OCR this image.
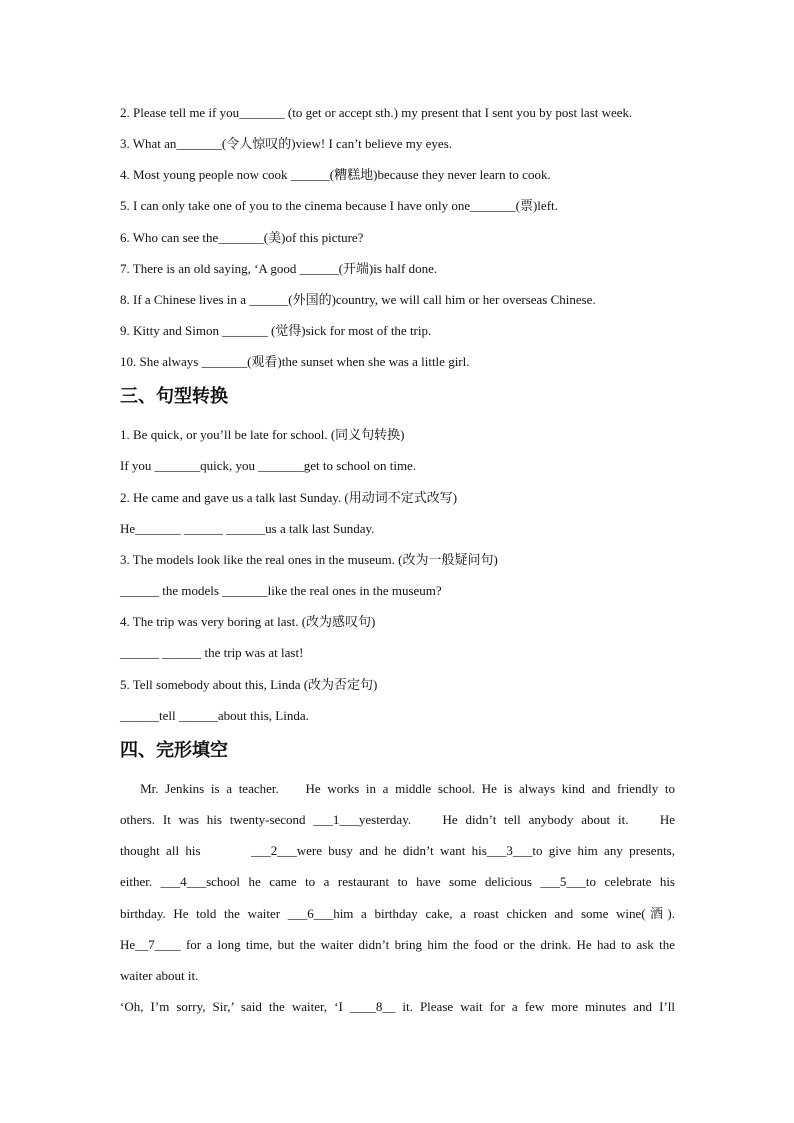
2. Please tell me if you_______ (to get or accept sth.) my present that I sent you by post last week.
3. What an_______(令人惊叹的)view! I can’t believe my eyes.
4. Most young people now cook ______(糟糕地)because they never learn to cook.
5. I can only take one of you to the cinema because I have only one_______(票)left.
6. Who can see the_______(美)of this picture?
7. There is an old saying, ‘A good ______(开端)is half done.
8. If a Chinese lives in a ______(外国的)country, we will call him or her overseas Chinese.
9. Kitty and Simon _______ (觉得)sick for most of the trip.
10. She always _______(观看)the sunset when she was a little girl.
三、句型转换
1. Be quick, or you’ll be late for school. (同义句转换)
If you _______quick, you _______get to school on time.
2. He came and gave us a talk last Sunday. (用动词不定式改写)
He_______ ______ ______us a talk last Sunday.
3. The models look like the real ones in the museum. (改为一般疑问句)
______ the models _______like the real ones in the museum?
4. The trip was very boring at last. (改为感叹句)
______ ______ the trip was at last!
5. Tell somebody about this, Linda (改为否定句)
______tell ______about this, Linda.
四、完形填空
Mr. Jenkins is a teacher.    He works in a middle school. He is always kind and friendly to
others. It was his twenty-second ___1___yesterday.    He didn’t tell anybody about it.    He
thought all his        ___2___were busy and he didn’t want his___3___to give him any presents,
either. ___4___school he came to a restaurant to have some delicious ___5___to celebrate his
birthday. He told the waiter ___6___him a birthday cake, a roast chicken and some wine(酒).
He__7____ for a long time, but the waiter didn’t bring him the food or the drink. He had to ask the
waiter about it.
‘Oh, I’m sorry, Sir,’ said the waiter, ‘I ____8__ it. Please wait for a few more minutes and I’ll
